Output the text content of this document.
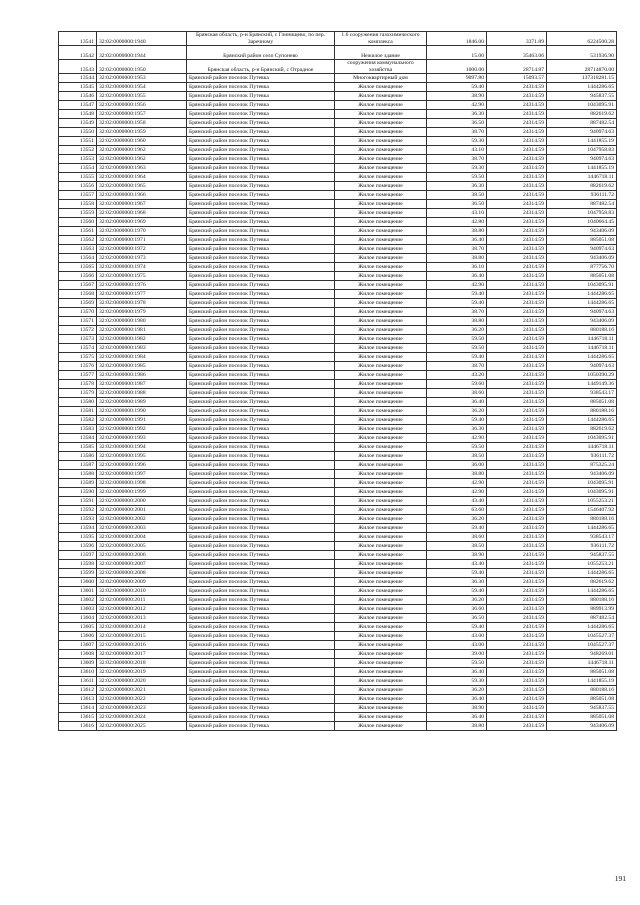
13541	32:02:0000000:1940	Брянская область, р-н Брянский, с Глинищево, по пер. Заречному	1.6 сооружения газохимического комплекса	1846.00	3371.89	6224500.28
13542	32:02:0000000:1944	Брянский район село Супонево	Нежилое здание	15.00	35463.06	531936.90
13543	32:02:0000000:1950	Брянская область, р-н Брянский, с Отрадное	сооружения коммунального хозяйства	1000.00	28714.87	28714870.00
13544	32:02:0000000:1953	Брянский район поселок Путевка	Многоквартирный дом	9097.80	15093.57	137318281.15
13545	32:02:0000000:1954	Брянский район поселок Путевка	Жилое помещение	59.40	24314.59	1444286.65
13546	32:02:0000000:1955	Брянский район поселок Путевка	Жилое помещение	38.90	24314.59	945837.55
13547	32:02:0000000:1956	Брянский район поселок Путевка	Жилое помещение	42.90	24314.59	1043095.91
13548	32:02:0000000:1957	Брянский район поселок Путевка	Жилое помещение	36.30	24314.59	882619.62
13549	32:02:0000000:1958	Брянский район поселок Путевка	Жилое помещение	36.50	24314.59	887482.54
13550	32:02:0000000:1959	Брянский район поселок Путевка	Жилое помещение	38.70	24314.59	940974.63
13551	32:02:0000000:1960	Брянский район поселок Путевка	Жилое помещение	59.30	24314.59	1441855.19
13552	32:02:0000000:1962	Брянский район поселок Путевка	Жилое помещение	43.10	24314.59	1047958.83
13553	32:02:0000000:1962	Брянский район поселок Путевка	Жилое помещение	38.70	24314.59	940974.63
13554	32:02:0000000:1963	Брянский район поселок Путевка	Жилое помещение	59.30	24314.59	1441855.19
13555	32:02:0000000:1964	Брянский район поселок Путевка	Жилое помещение	59.50	24314.59	1446718.11
13556	32:02:0000000:1965	Брянский район поселок Путевка	Жилое помещение	36.30	24314.59	882619.62
13557	32:02:0000000:1966	Брянский район поселок Путевка	Жилое помещение	38.50	24314.59	936111.72
13558	32:02:0000000:1967	Брянский район поселок Путевка	Жилое помещение	36.50	24314.59	887482.54
13559	32:02:0000000:1968	Брянский район поселок Путевка	Жилое помещение	43.10	24314.59	1047958.83
13560	32:02:0000000:1969	Брянский район поселок Путевка	Жилое помещение	42.80	24314.59	1040664.45
13561	32:02:0000000:1970	Брянский район поселок Путевка	Жилое помещение	38.80	24314.59	943406.09
13562	32:02:0000000:1971	Брянский район поселок Путевка	Жилое помещение	36.40	24314.59	885051.08
13563	32:02:0000000:1972	Брянский район поселок Путевка	Жилое помещение	38.70	24314.59	940974.63
13564	32:02:0000000:1973	Брянский район поселок Путевка	Жилое помещение	38.80	24314.59	943406.09
13565	32:02:0000000:1974	Брянский район поселок Путевка	Жилое помещение	36.10	24314.59	877756.70
13566	32:02:0000000:1975	Брянский район поселок Путевка	Жилое помещение	36.40	24314.59	885051.08
13567	32:02:0000000:1976	Брянский район поселок Путевка	Жилое помещение	42.90	24314.59	1043095.91
13568	32:02:0000000:1977	Брянский район поселок Путевка	Жилое помещение	59.40	24314.59	1444286.65
13569	32:02:0000000:1978	Брянский район поселок Путевка	Жилое помещение	59.40	24314.59	1444286.65
13570	32:02:0000000:1979	Брянский район поселок Путевка	Жилое помещение	38.70	24314.59	940974.63
13571	32:02:0000000:1980	Брянский район поселок Путевка	Жилое помещение	38.80	24314.59	943406.09
13572	32:02:0000000:1981	Брянский район поселок Путевка	Жилое помещение	36.20	24314.59	880188.16
13573	32:02:0000000:1982	Брянский район поселок Путевка	Жилое помещение	59.50	24314.59	1446718.11
13574	32:02:0000000:1983	Брянский район поселок Путевка	Жилое помещение	59.50	24314.59	1446718.11
13575	32:02:0000000:1984	Брянский район поселок Путевка	Жилое помещение	59.40	24314.59	1444286.65
13576	32:02:0000000:1985	Брянский район поселок Путевка	Жилое помещение	38.70	24314.59	940974.63
13577	32:02:0000000:1986	Брянский район поселок Путевка	Жилое помещение	43.20	24314.59	1050390.29
13578	32:02:0000000:1987	Брянский район поселок Путевка	Жилое помещение	59.60	24314.59	1449149.36
13579	32:02:0000000:1988	Брянский район поселок Путевка	Жилое помещение	38.60	24314.59	938543.17
13580	32:02:0000000:1989	Брянский район поселок Путевка	Жилое помещение	36.40	24314.59	885051.08
13581	32:02:0000000:1990	Брянский район поселок Путевка	Жилое помещение	36.20	24314.59	880188.16
13582	32:02:0000000:1991	Брянский район поселок Путевка	Жилое помещение	59.40	24314.59	1444286.65
13583	32:02:0000000:1992	Брянский район поселок Путевка	Жилое помещение	36.30	24314.59	882619.62
13584	32:02:0000000:1993	Брянский район поселок Путевка	Жилое помещение	42.90	24314.59	1043095.91
13585	32:02:0000000:1994	Брянский район поселок Путевка	Жилое помещение	59.50	24314.59	1446718.11
13586	32:02:0000000:1995	Брянский район поселок Путевка	Жилое помещение	38.50	24314.59	936111.72
13587	32:02:0000000:1996	Брянский район поселок Путевка	Жилое помещение	36.00	24314.59	875325.24
13588	32:02:0000000:1997	Брянский район поселок Путевка	Жилое помещение	38.80	24314.59	943406.09
13589	32:02:0000000:1998	Брянский район поселок Путевка	Жилое помещение	42.90	24314.59	1043095.91
13590	32:02:0000000:1999	Брянский район поселок Путевка	Жилое помещение	42.90	24314.59	1043095.91
13591	32:02:0000000:2000	Брянский район поселок Путевка	Жилое помещение	43.40	24314.59	1055253.21
13592	32:02:0000000:2001	Брянский район поселок Путевка	Жилое помещение	63.60	24314.59	1546407.92
13593	32:02:0000000:2002	Брянский район поселок Путевка	Жилое помещение	36.20	24314.59	880188.16
13594	32:02:0000000:2003	Брянский район поселок Путевка	Жилое помещение	59.40	24314.59	1444286.65
13595	32:02:0000000:2004	Брянский район поселок Путевка	Жилое помещение	38.60	24314.59	938543.17
13596	32:02:0000000:2005	Брянский район поселок Путевка	Жилое помещение	38.50	24314.59	936111.72
13597	32:02:0000000:2006	Брянский район поселок Путевка	Жилое помещение	38.90	24314.59	945837.55
13598	32:02:0000000:2007	Брянский район поселок Путевка	Жилое помещение	43.40	24314.59	1055253.21
13599	32:02:0000000:2008	Брянский район поселок Путевка	Жилое помещение	59.40	24314.59	1444286.65
13600	32:02:0000000:2009	Брянский район поселок Путевка	Жилое помещение	36.30	24314.59	882619.62
13601	32:02:0000000:2010	Брянский район поселок Путевка	Жилое помещение	59.40	24314.59	1444286.65
13602	32:02:0000000:2011	Брянский район поселок Путевка	Жилое помещение	36.20	24314.59	880188.16
13603	32:02:0000000:2012	Брянский район поселок Путевка	Жилое помещение	36.60	24314.59	889913.99
13604	32:02:0000000:2013	Брянский район поселок Путевка	Жилое помещение	36.50	24314.59	887482.54
13605	32:02:0000000:2014	Брянский район поселок Путевка	Жилое помещение	59.40	24314.59	1444286.65
13606	32:02:0000000:2015	Брянский район поселок Путевка	Жилое помещение	43.00	24314.59	1045527.37
13607	32:02:0000000:2016	Брянский район поселок Путевка	Жилое помещение	43.00	24314.59	1045527.37
13608	32:02:0000000:2017	Брянский район поселок Путевка	Жилое помещение	39.00	24314.59	948269.01
13609	32:02:0000000:2018	Брянский район поселок Путевка	Жилое помещение	59.50	24314.59	1446718.11
13610	32:02:0000000:2019	Брянский район поселок Путевка	Жилое помещение	36.40	24314.59	885051.08
13611	32:02:0000000:2020	Брянский район поселок Путевка	Жилое помещение	59.30	24314.59	1441855.19
13612	32:02:0000000:2021	Брянский район поселок Путевка	Жилое помещение	36.20	24314.59	880188.16
13613	32:02:0000000:2022	Брянский район поселок Путевка	Жилое помещение	36.40	24314.59	885051.08
13614	32:02:0000000:2023	Брянский район поселок Путевка	Жилое помещение	38.90	24314.59	945837.55
13615	32:02:0000000:2024	Брянский район поселок Путевка	Жилое помещение	36.40	24314.59	885051.08
13616	32:02:0000000:2025	Брянский район поселок Путевка	Жилое помещение	38.80	24314.59	943406.09
191
